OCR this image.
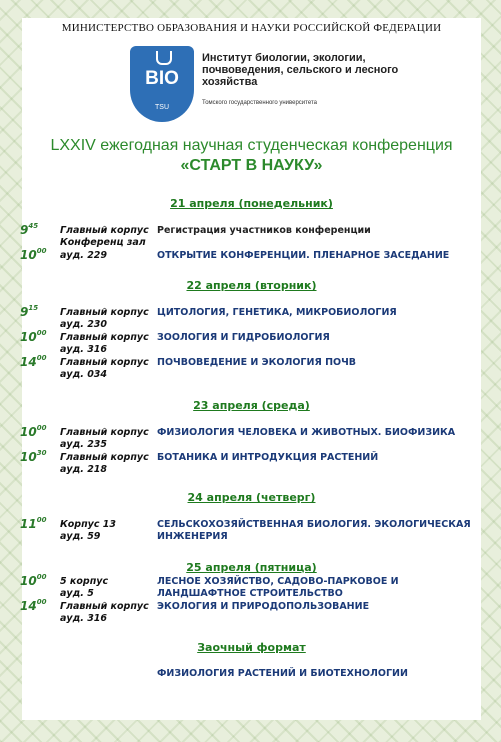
МИНИСТЕРСТВО ОБРАЗОВАНИЯ И НАУКИ РОССИЙСКОЙ ФЕДЕРАЦИИ
BIO
TSU
Институт биологии, экологии, почвоведения, сельского и лесного хозяйства
Томского государственного университета
LXXIV ежегодная научная студенческая конференция
«СТАРТ В НАУКУ»
21 апреля (понедельник)
$9^{45}$ Главный корпус
Конференц зал
Регистрация участников конференции
$10^{00}$ ауд. 229	ОТКРЫТИЕ КОНФЕРЕНЦИИ. ПЛЕНАРНОЕ ЗАСЕДАНИЕ
22 апреля (вторник)
$9^{15}$ Главный корпус
ауд. 230
ЦИТОЛОГИЯ, ГЕНЕТИКА, МИКРОБИОЛОГИЯ
$10^{00}$ Главный корпус
ауд. 316
ЗООЛОГИЯ И ГИДРОБИОЛОГИЯ
$14^{00}$ Главный корпус
ауд. 034
ПОЧВОВЕДЕНИЕ И ЭКОЛОГИЯ ПОЧВ
23 апреля (среда)
$10^{00}$ Главный корпус
ауд. 235
ФИЗИОЛОГИЯ ЧЕЛОВЕКА И ЖИВОТНЫХ. БИОФИЗИКА
$10^{30}$ Главный корпус
ауд. 218
БОТАНИКА И ИНТРОДУКЦИЯ РАСТЕНИЙ
24 апреля (четверг)
$11^{00}$ Корпус 13
ауд. 59
СЕЛЬСКОХОЗЯЙСТВЕННАЯ БИОЛОГИЯ. ЭКОЛОГИЧЕСКАЯ ИНЖЕНЕРИЯ
25 апреля (пятница)
$10^{00}$ 5 корпус
ауд. 5
ЛЕСНОЕ ХОЗЯЙСТВО, САДОВО-ПАРКОВОЕ И ЛАНДШАФТНОЕ СТРОИТЕЛЬСТВО
$14^{00}$ Главный корпус
ауд. 316
ЭКОЛОГИЯ И ПРИРОДОПОЛЬЗОВАНИЕ
Заочный формат
ФИЗИОЛОГИЯ РАСТЕНИЙ И БИОТЕХНОЛОГИИ
